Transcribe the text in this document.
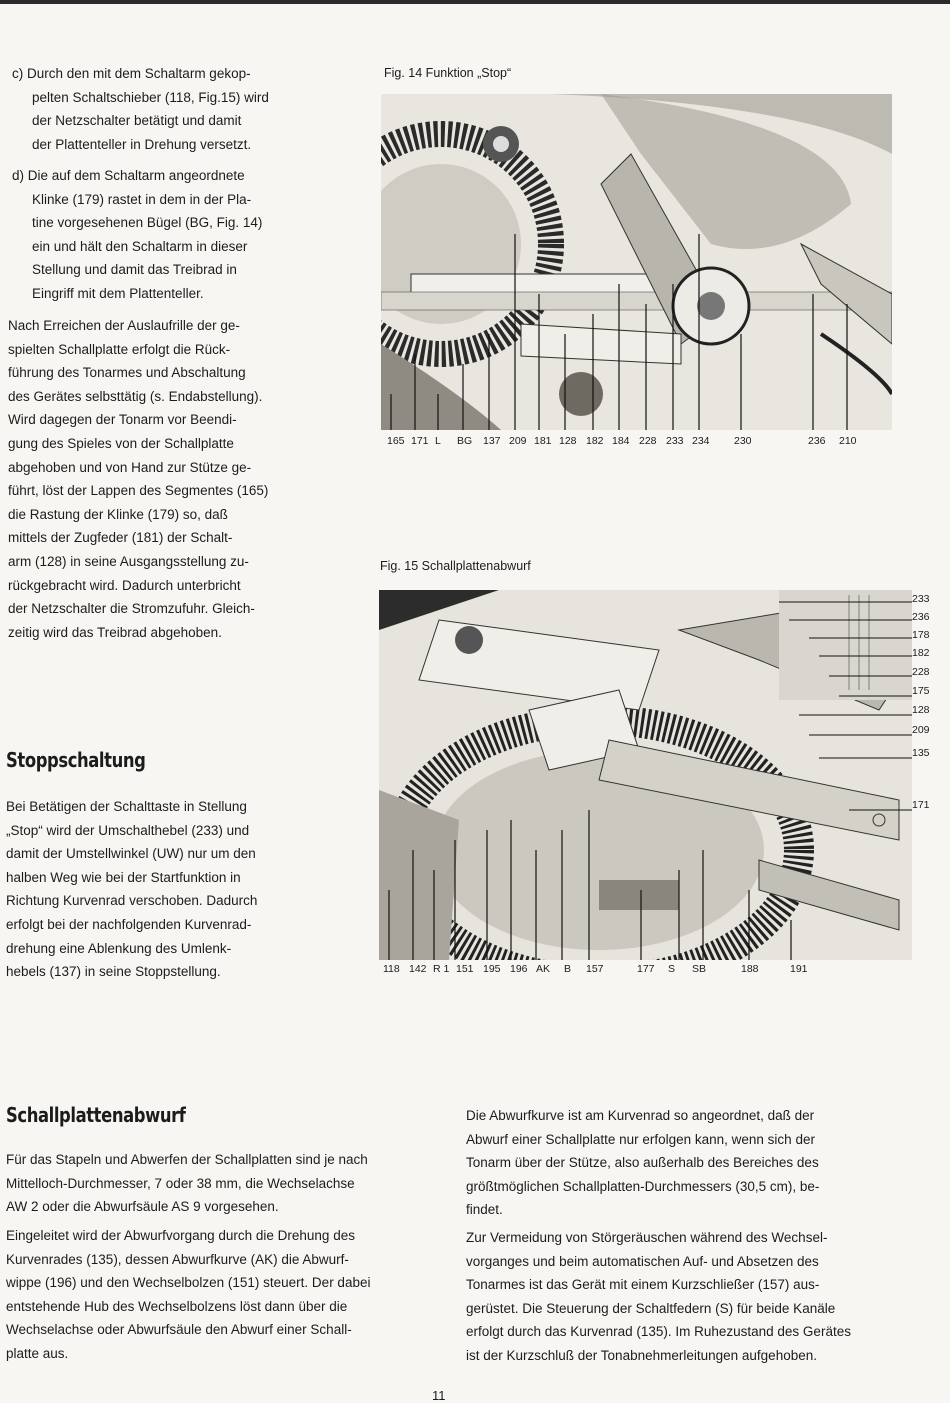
c) Durch den mit dem Schaltarm gekop-
pelten Schaltschieber (118, Fig.15) wird
der Netzschalter betätigt und damit
der Plattenteller in Drehung versetzt.
d) Die auf dem Schaltarm angeordnete
Klinke (179) rastet in dem in der Pla-
tine vorgesehenen Bügel (BG, Fig. 14)
ein und hält den Schaltarm in dieser
Stellung und damit das Treibrad in
Eingriff mit dem Plattenteller.
Nach Erreichen der Auslaufrille der ge-
spielten Schallplatte erfolgt die Rück-
führung des Tonarmes und Abschaltung
des Gerätes selbsttätig (s. Endabstellung).
Wird dagegen der Tonarm vor Beendi-
gung des Spieles von der Schallplatte
abgehoben und von Hand zur Stütze ge-
führt, löst der Lappen des Segmentes (165)
die Rastung der Klinke (179) so, daß
mittels der Zugfeder (181) der Schalt-
arm (128) in seine Ausgangsstellung zu-
rückgebracht wird. Dadurch unterbricht
der Netzschalter die Stromzufuhr. Gleich-
zeitig wird das Treibrad abgehoben.
Stoppschaltung
Bei Betätigen der Schalttaste in Stellung
„Stop“ wird der Umschalthebel (233) und
damit der Umstellwinkel (UW) nur um den
halben Weg wie bei der Startfunktion in
Richtung Kurvenrad verschoben. Dadurch
erfolgt bei der nachfolgenden Kurvenrad-
drehung eine Ablenkung des Umlenk-
hebels (137) in seine Stoppstellung.

Fig. 14 Funktion „Stop“

165 171 L BG 137 209 181 128 182 184 228 233 234 230	236 210

Fig. 15 Schallplattenabwurf

233
236
178
182
228
175
128
209
135
171
118 142 R 1 151 195 196 AK B 157	177 S SB	188	191
Schallplattenabwurf
Für das Stapeln und Abwerfen der Schallplatten sind je nach
Mittelloch-Durchmesser, 7 oder 38 mm, die Wechselachse
AW 2 oder die Abwurfsäule AS 9 vorgesehen.
Eingeleitet wird der Abwurfvorgang durch die Drehung des
Kurvenrades (135), dessen Abwurfkurve (AK) die Abwurf-
wippe (196) und den Wechselbolzen (151) steuert. Der dabei
entstehende Hub des Wechselbolzens löst dann über die
Wechselachse oder Abwurfsäule den Abwurf einer Schall-
platte aus.
Die Abwurfkurve ist am Kurvenrad so angeordnet, daß der
Abwurf einer Schallplatte nur erfolgen kann, wenn sich der
Tonarm über der Stütze, also außerhalb des Bereiches des
größtmöglichen Schallplatten-Durchmessers (30,5 cm), be-
findet.
Zur Vermeidung von Störgeräuschen während des Wechsel-
vorganges und beim automatischen Auf- und Absetzen des
Tonarmes ist das Gerät mit einem Kurzschließer (157) aus-
gerüstet. Die Steuerung der Schaltfedern (S) für beide Kanäle
erfolgt durch das Kurvenrad (135). Im Ruhezustand des Gerätes
ist der Kurzschluß der Tonabnehmerleitungen aufgehoben.
11
